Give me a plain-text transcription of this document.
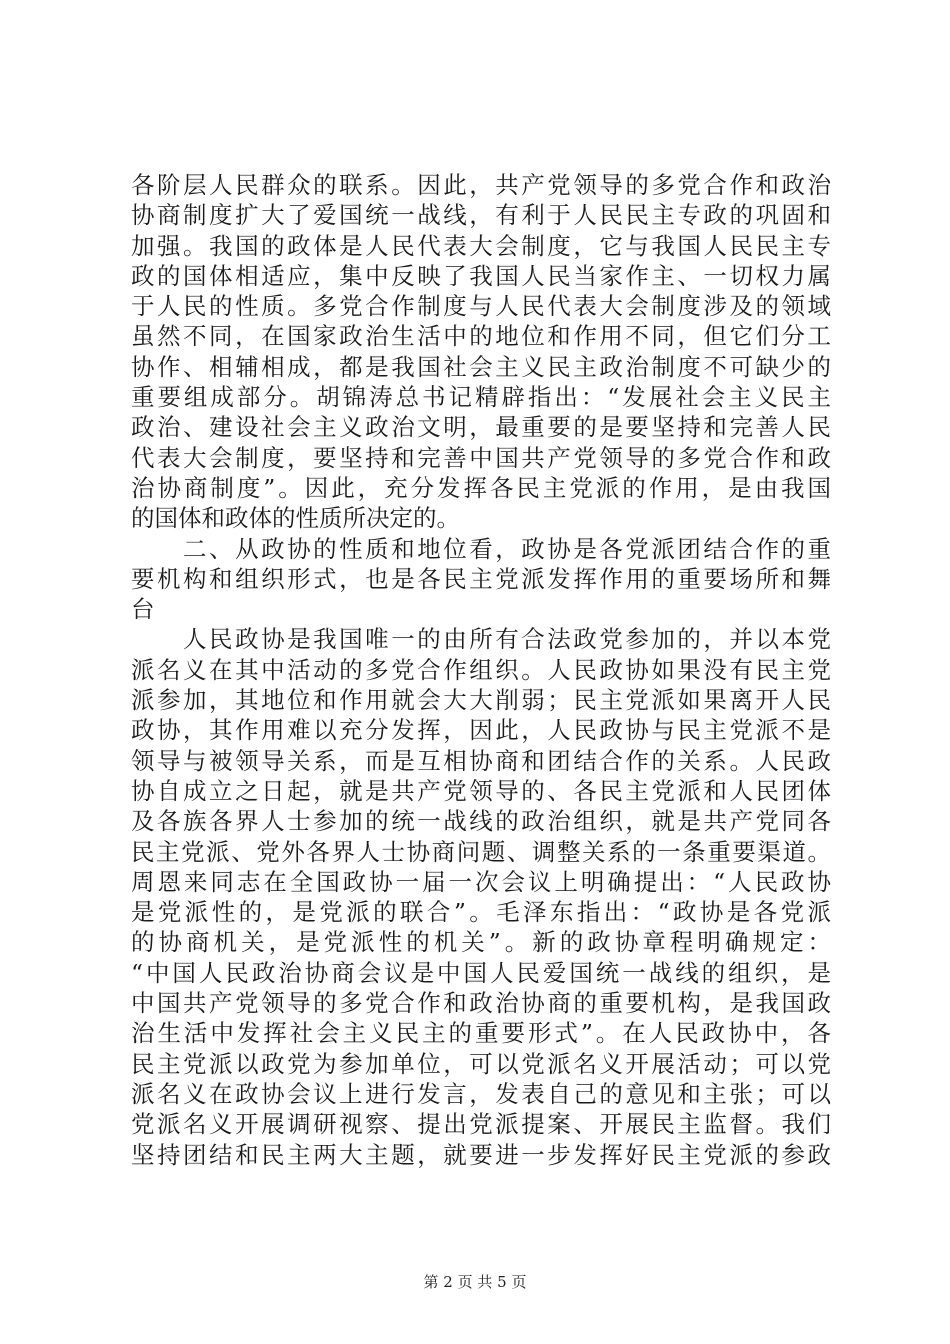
各阶层人民群众的联系。因此，共产党领导的多党合作和政治
协商制度扩大了爱国统一战线，有利于人民民主专政的巩固和
加强。我国的政体是人民代表大会制度，它与我国人民民主专
政的国体相适应，集中反映了我国人民当家作主、一切权力属
于人民的性质。多党合作制度与人民代表大会制度涉及的领域
虽然不同，在国家政治生活中的地位和作用不同，但它们分工
协作、相辅相成，都是我国社会主义民主政治制度不可缺少的
重要组成部分。胡锦涛总书记精辟指出：“发展社会主义民主
政治、建设社会主义政治文明，最重要的是要坚持和完善人民
代表大会制度，要坚持和完善中国共产党领导的多党合作和政
治协商制度”。因此，充分发挥各民主党派的作用，是由我国
的国体和政体的性质所决定的。
　　二、从政协的性质和地位看，政协是各党派团结合作的重
要机构和组织形式，也是各民主党派发挥作用的重要场所和舞
台
　　人民政协是我国唯一的由所有合法政党参加的，并以本党
派名义在其中活动的多党合作组织。人民政协如果没有民主党
派参加，其地位和作用就会大大削弱；民主党派如果离开人民
政协，其作用难以充分发挥，因此，人民政协与民主党派不是
领导与被领导关系，而是互相协商和团结合作的关系。人民政
协自成立之日起，就是共产党领导的、各民主党派和人民团体
及各族各界人士参加的统一战线的政治组织，就是共产党同各
民主党派、党外各界人士协商问题、调整关系的一条重要渠道。
周恩来同志在全国政协一届一次会议上明确提出：“人民政协
是党派性的，是党派的联合”。毛泽东指出：“政协是各党派
的协商机关，是党派性的机关”。新的政协章程明确规定：
“中国人民政治协商会议是中国人民爱国统一战线的组织，是
中国共产党领导的多党合作和政治协商的重要机构，是我国政
治生活中发挥社会主义民主的重要形式”。在人民政协中，各
民主党派以政党为参加单位，可以党派名义开展活动；可以党
派名义在政协会议上进行发言，发表自己的意见和主张；可以
党派名义开展调研视察、提出党派提案、开展民主监督。我们
坚持团结和民主两大主题，就要进一步发挥好民主党派的参政
第 2 页 共 5 页
